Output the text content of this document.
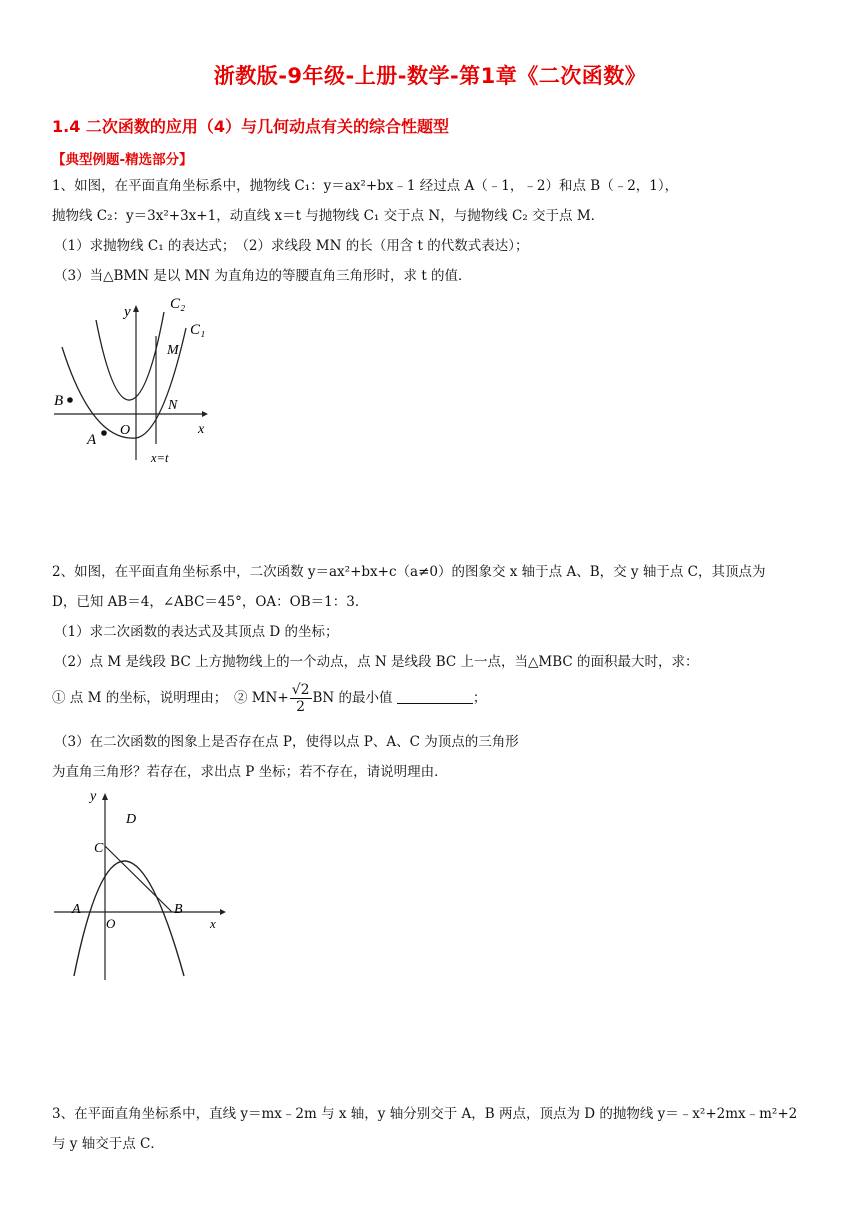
浙教版-9年级-上册-数学-第1章《二次函数》
1.4 二次函数的应用（4）与几何动点有关的综合性题型
【典型例题-精选部分】
1、如图，在平面直角坐标系中，抛物线 C₁：y＝ax²+bx﹣1 经过点 A（﹣1，﹣2）和点 B（﹣2，1），
抛物线 C₂：y＝3x²+3x+1，动直线 x＝t 与抛物线 C₁ 交于点 N，与抛物线 C₂ 交于点 M．
（1）求抛物线 C₁ 的表达式；　（2）求线段 MN 的长（用含 t 的代数式表达）；
（3）当△BMN 是以 MN 为直角边的等腰直角三角形时，求 t 的值．
y
x
O
A
B
M
N
C₂
C₁
x=t
2、如图，在平面直角坐标系中，二次函数 y＝ax²+bx+c（a≠0）的图象交 x 轴于点 A、B，交 y 轴于点 C，其顶点为
D，已知 AB＝4，∠ABC＝45°，OA：OB＝1：3．
（1）求二次函数的表达式及其顶点 D 的坐标；
（2）点 M 是线段 BC 上方抛物线上的一个动点，点 N 是线段 BC 上一点，当△MBC 的面积最大时，求：
① 点 M 的坐标，说明理由；　② $MN+ \frac{√2}{2}$ BN 的最小值	；
（3）在二次函数的图象上是否存在点 P，使得以点 P、A、C 为顶点的三角形
为直角三角形？若存在，求出点 P 坐标；若不存在，请说明理由．
y
x
O
A	B
C
D
3、在平面直角坐标系中，直线 y＝mx﹣2m 与 x 轴，y 轴分别交于 A，B 两点，顶点为 D 的抛物线 y＝﹣x²+2mx﹣m²+2
与 y 轴交于点 C．
